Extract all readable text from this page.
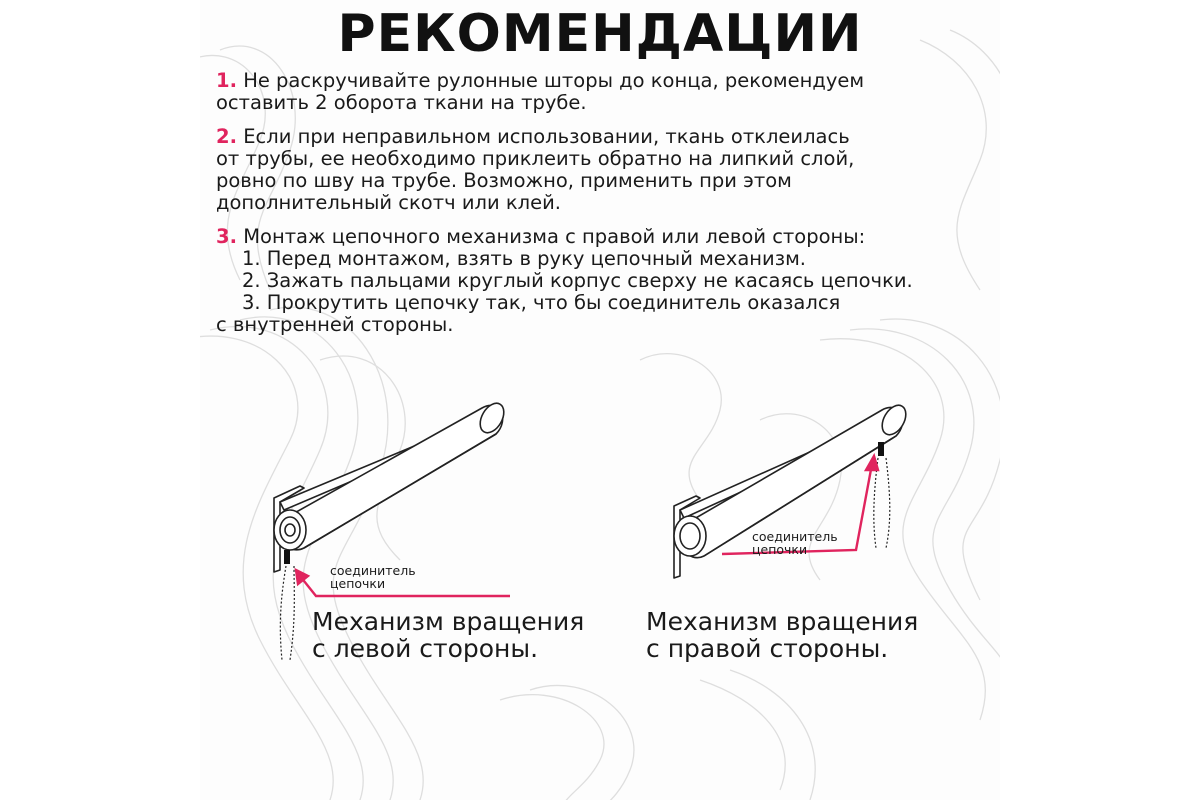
РЕКОМЕНДАЦИИ
1. Не раскручивайте рулонные шторы до конца, рекомендуем
оставить 2 оборота ткани на трубе.
2. Если при неправильном использовании, ткань отклеилась
от трубы, ее необходимо приклеить обратно на липкий слой,
ровно по шву на трубе. Возможно, применить при этом
дополнительный скотч или клей.
3. Монтаж цепочного механизма с правой или левой стороны:
1. Перед монтажом, взять в руку цепочный механизм.
2. Зажать пальцами круглый корпус сверху не касаясь цепочки.
3. Прокрутить цепочку так, что бы соединитель оказался
с внутренней стороны.
соединитель
цепочки
Механизм вращения
с левой стороны.
соединитель
цепочки
Механизм вращения
с правой стороны.
